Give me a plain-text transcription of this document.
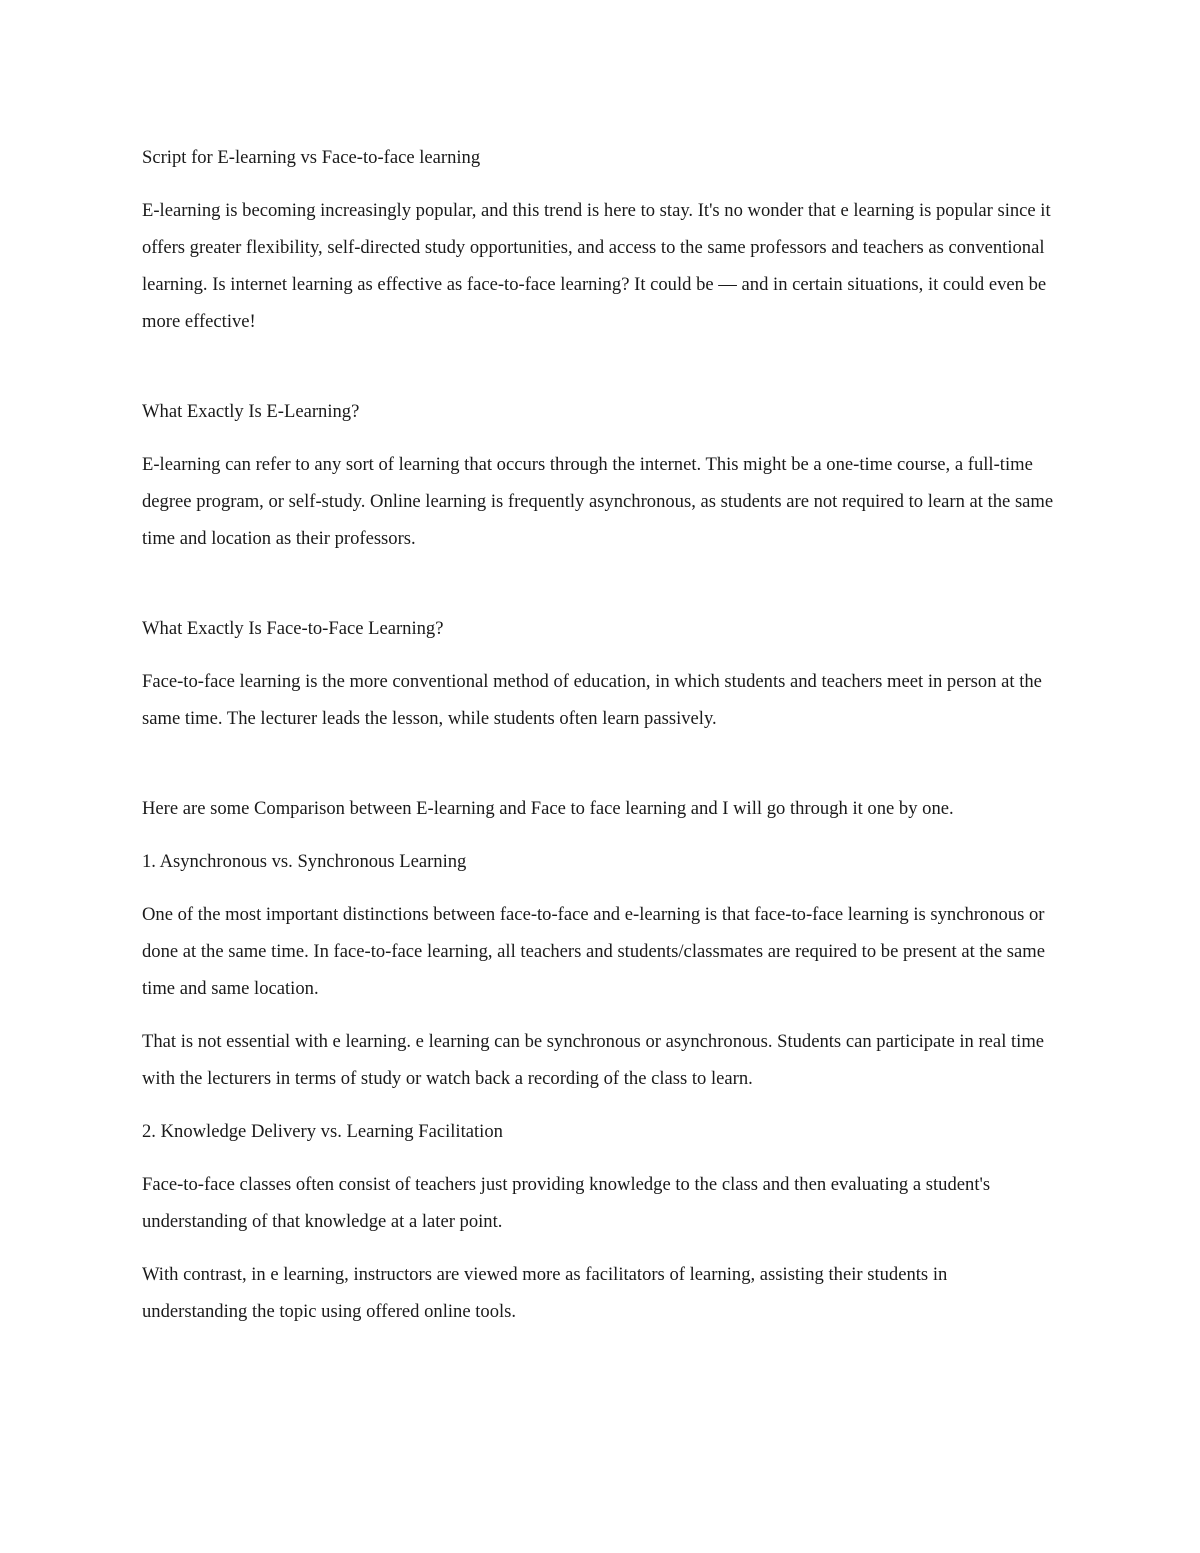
Script for E-learning vs Face-to-face learning

E-learning is becoming increasingly popular, and this trend is here to stay. It's no wonder that e learning is popular since it offers greater flexibility, self-directed study opportunities, and access to the same professors and teachers as conventional learning. Is internet learning as effective as face-to-face learning? It could be — and in certain situations, it could even be more effective!

What Exactly Is E-Learning?

E-learning can refer to any sort of learning that occurs through the internet. This might be a one-time course, a full-time degree program, or self-study. Online learning is frequently asynchronous, as students are not required to learn at the same time and location as their professors.

What Exactly Is Face-to-Face Learning?

Face-to-face learning is the more conventional method of education, in which students and teachers meet in person at the same time. The lecturer leads the lesson, while students often learn passively.

Here are some Comparison between E-learning and Face to face learning and I will go through it one by one.

1. Asynchronous vs. Synchronous Learning

One of the most important distinctions between face-to-face and e-learning is that face-to-face learning is synchronous or done at the same time. In face-to-face learning, all teachers and students/classmates are required to be present at the same time and same location.

That is not essential with e learning. e learning can be synchronous or asynchronous. Students can participate in real time with the lecturers in terms of study or watch back a recording of the class to learn.

2. Knowledge Delivery vs. Learning Facilitation

Face-to-face classes often consist of teachers just providing knowledge to the class and then evaluating a student's understanding of that knowledge at a later point.

With contrast, in e learning, instructors are viewed more as facilitators of learning, assisting their students in understanding the topic using offered online tools.
